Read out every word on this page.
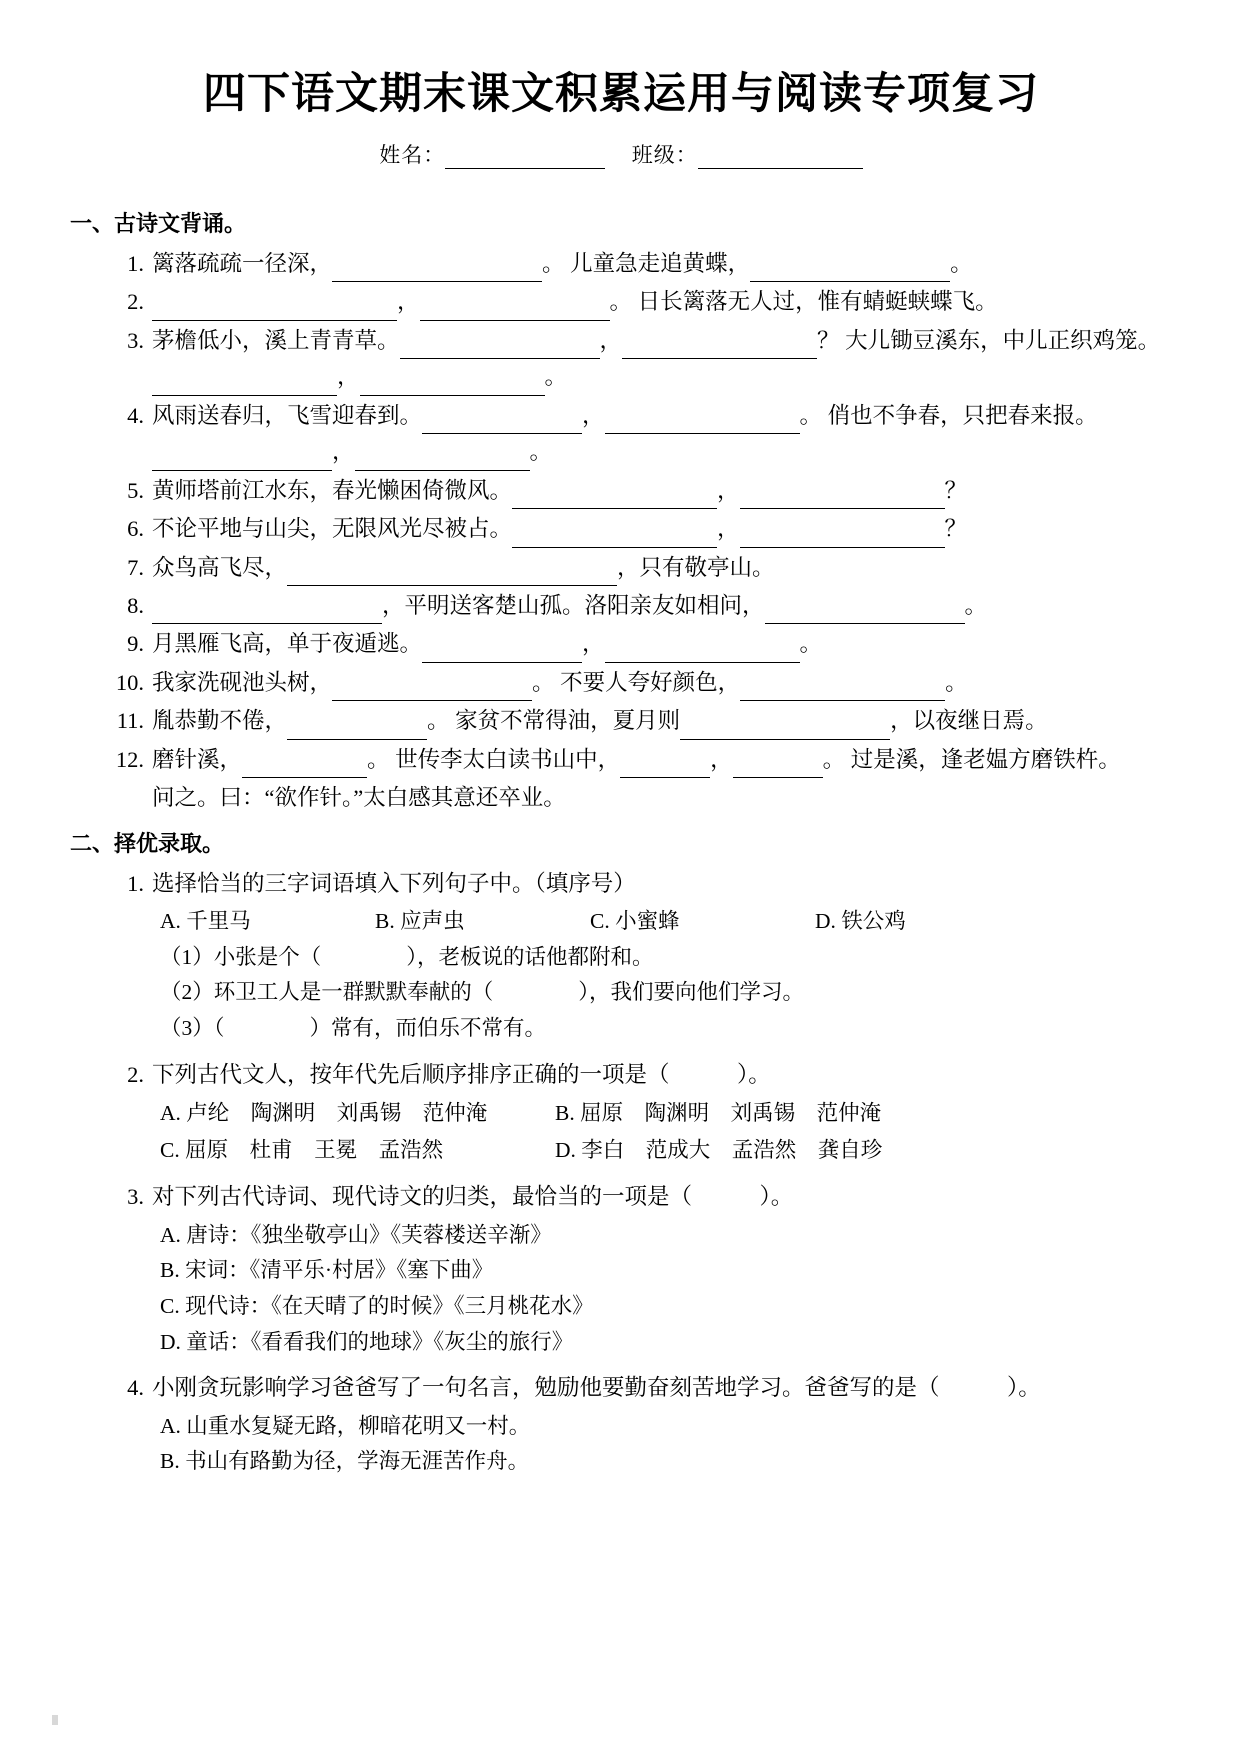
四下语文期末课文积累运用与阅读专项复习
姓名：	班级：
一、古诗文背诵。
1. 篱落疏疏一径深，	。 儿童急走追黄蝶，	。
2.	，	。 日长篱落无人过，惟有蜻蜓蛱蝶飞。
3. 茅檐低小，溪上青青草。	，	？ 大儿锄豆溪东，中儿正织鸡笼。，	。
4. 风雨送春归，飞雪迎春到。	，	。 俏也不争春，只把春来报。，	。
5. 黄师塔前江水东，春光懒困倚微风。	，	？
6. 不论平地与山尖，无限风光尽被占。	，	？
7. 众鸟高飞尽，	，只有敬亭山。
8.	，平明送客楚山孤。洛阳亲友如相问，	。
9. 月黑雁飞高，单于夜遁逃。	，	。
10. 我家洗砚池头树，	。 不要人夸好颜色，	。
11. 胤恭勤不倦，	。 家贫不常得油，夏月则	，以夜继日焉。
12. 磨针溪，	。 世传李太白读书山中，	，	。 过是溪，逢老媪方磨铁杵。
问之。曰：“欲作针。”太白感其意还卒业。
二、择优录取。
1. 选择恰当的三字词语填入下列句子中。（填序号）
A. 千里马	B. 应声虫	C. 小蜜蜂	D. 铁公鸡
（1）小张是个（	），老板说的话他都附和。
（2）环卫工人是一群默默奉献的（	），我们要向他们学习。
（3）（	）常有，而伯乐不常有。
2. 下列古代文人，按年代先后顺序排序正确的一项是（　　　）。
A. 卢纶　陶渊明　刘禹锡　范仲淹	B. 屈原　陶渊明　刘禹锡　范仲淹
C. 屈原　杜甫　王冕　孟浩然	D. 李白　范成大　孟浩然　龚自珍
3. 对下列古代诗词、现代诗文的归类，最恰当的一项是（　　　）。
A. 唐诗：《独坐敬亭山》《芙蓉楼送辛渐》
B. 宋词：《清平乐·村居》《塞下曲》
C. 现代诗：《在天晴了的时候》《三月桃花水》
D. 童话：《看看我们的地球》《灰尘的旅行》
4. 小刚贪玩影响学习爸爸写了一句名言，勉励他要勤奋刻苦地学习。爸爸写的是（　　　）。
A. 山重水复疑无路，柳暗花明又一村。
B. 书山有路勤为径，学海无涯苦作舟。
